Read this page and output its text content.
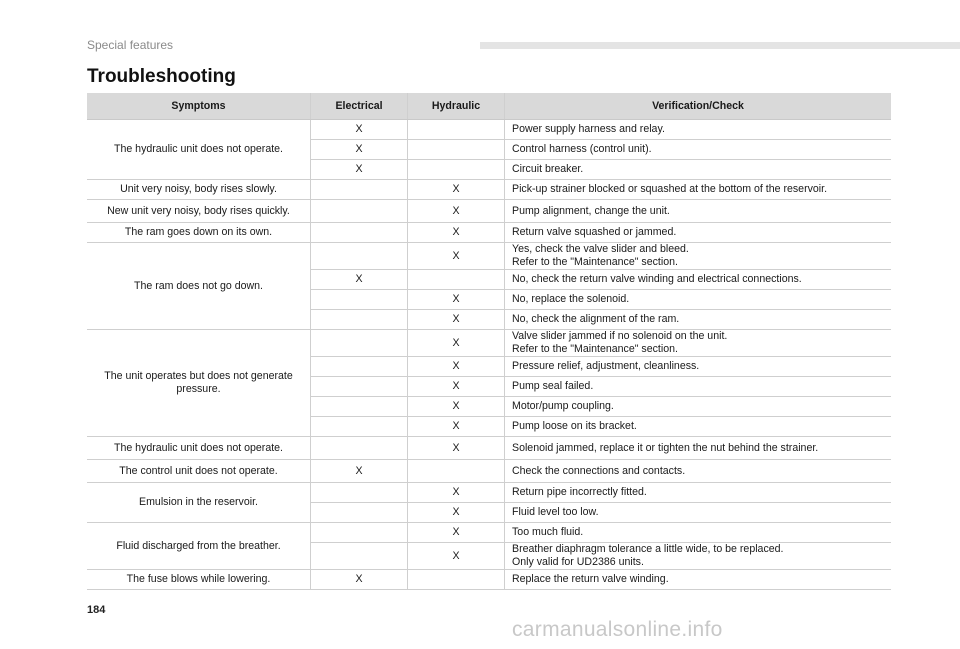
Special features
Troubleshooting
Symptoms	Electrical	Hydraulic	Verification/Check
The hydraulic unit does not operate.	X		Power supply harness and relay.
	X		Control harness (control unit).
	X		Circuit breaker.
Unit very noisy, body rises slowly.		X	Pick-up strainer blocked or squashed at the bottom of the reservoir.
New unit very noisy, body rises quickly.		X	Pump alignment, change the unit.
The ram goes down on its own.		X	Return valve squashed or jammed.
The ram does not go down.		X	Yes, check the valve slider and bleed.
Refer to the "Maintenance" section.

	X		No, check the return valve winding and electrical connections.
		X	No, replace the solenoid.
		X	No, check the alignment of the ram.
The unit operates but does not generate pressure.		X	Valve slider jammed if no solenoid on the unit.
Refer to the "Maintenance" section.

		X	Pressure relief, adjustment, cleanliness.
		X	Pump seal failed.
		X	Motor/pump coupling.
		X	Pump loose on its bracket.
The hydraulic unit does not operate.		X	Solenoid jammed, replace it or tighten the nut behind the strainer.
The control unit does not operate.	X		Check the connections and contacts.
Emulsion in the reservoir.		X	Return pipe incorrectly fitted.
		X	Fluid level too low.
Fluid discharged from the breather.		X	Too much fluid.
		X	Breather diaphragm tolerance a little wide, to be replaced.
Only valid for UD2386 units.

The fuse blows while lowering.	X		Replace the return valve winding.
184
carmanualsonline.info
